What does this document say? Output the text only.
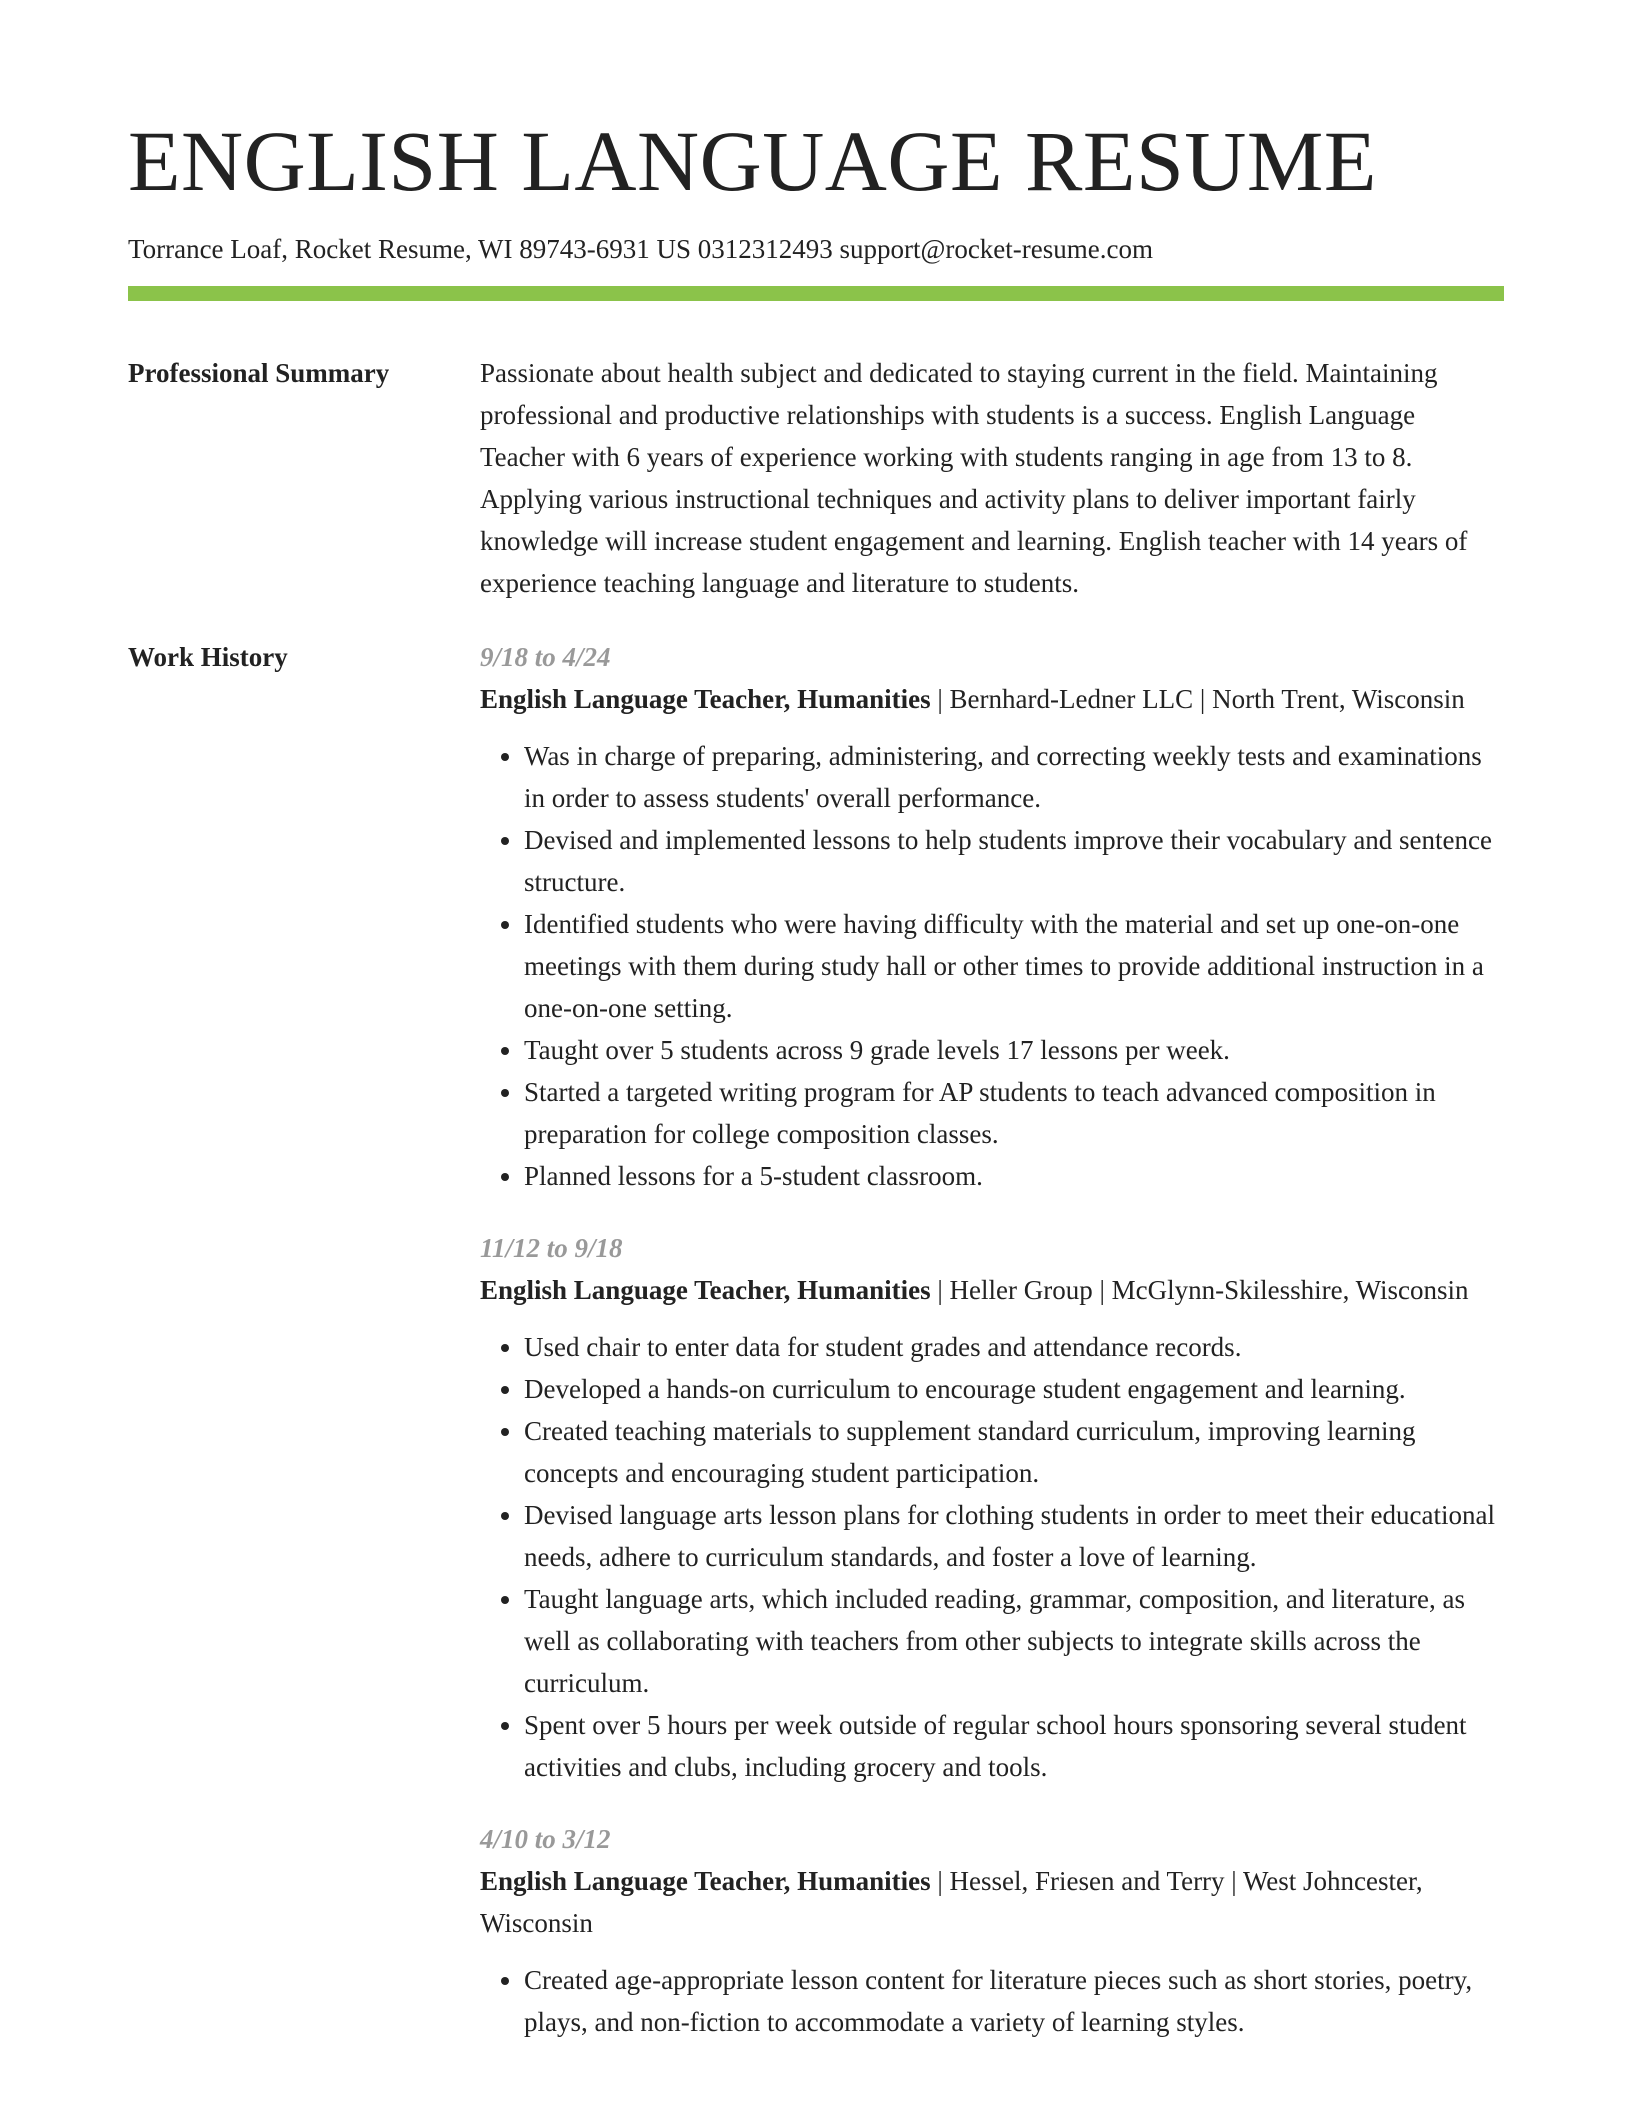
ENGLISH LANGUAGE RESUME
Torrance Loaf, Rocket Resume, WI 89743-6931 US 0312312493 support@rocket-resume.com
Professional Summary	Passionate about health subject and dedicated to staying current in the field. Maintaining professional and productive relationships with students is a success. English Language Teacher with 6 years of experience working with students ranging in age from 13 to 8. Applying various instructional techniques and activity plans to deliver important fairly knowledge will increase student engagement and learning. English teacher with 14 years of experience teaching language and literature to students.

Work History	9/18 to 4/24

English Language Teacher, Humanities | Bernhard-Ledner LLC | North Trent, Wisconsin

• Was in charge of preparing, administering, and correcting weekly tests and examinations in order to assess students' overall performance.
• Devised and implemented lessons to help students improve their vocabulary and sentence structure.
• Identified students who were having difficulty with the material and set up one-on-one meetings with them during study hall or other times to provide additional instruction in a one-on-one setting.
• Taught over 5 students across 9 grade levels 17 lessons per week.
• Started a targeted writing program for AP students to teach advanced composition in preparation for college composition classes.
• Planned lessons for a 5-student classroom.
11/12 to 9/18

English Language Teacher, Humanities | Heller Group | McGlynn-Skilesshire, Wisconsin

• Used chair to enter data for student grades and attendance records.
• Developed a hands-on curriculum to encourage student engagement and learning.
• Created teaching materials to supplement standard curriculum, improving learning concepts and encouraging student participation.
• Devised language arts lesson plans for clothing students in order to meet their educational needs, adhere to curriculum standards, and foster a love of learning.
• Taught language arts, which included reading, grammar, composition, and literature, as well as collaborating with teachers from other subjects to integrate skills across the curriculum.
• Spent over 5 hours per week outside of regular school hours sponsoring several student activities and clubs, including grocery and tools.
4/10 to 3/12

English Language Teacher, Humanities | Hessel, Friesen and Terry | West Johncester, Wisconsin

• Created age-appropriate lesson content for literature pieces such as short stories, poetry, plays, and non-fiction to accommodate a variety of learning styles.
